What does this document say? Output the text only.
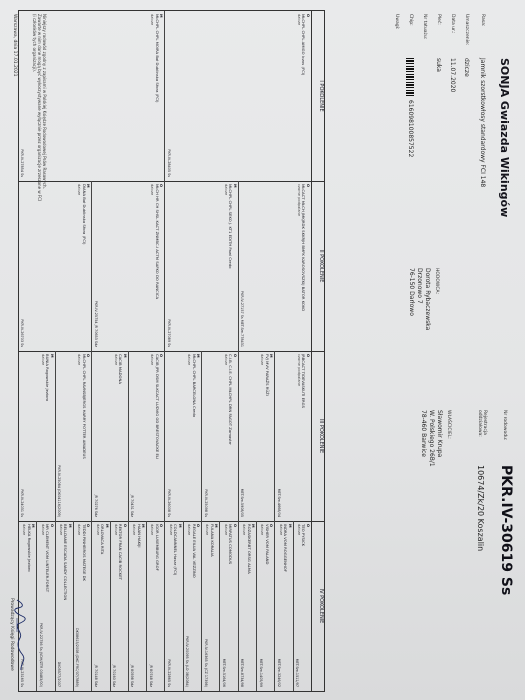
SONJA Gwiazda Wikingów
Nr rodowodu:
PKR.IV-30619 Ss
Rejestracja oddziałowa:
10674/Zk/20 Koszalin
Rasa:
Jamnik szorstkowłosy standardowy FCI 148
Umaszczenie:
dzicze
Data ur.:
11.07.2020
Płeć:
suka
Nr tatuażu:
Chip:
616098100857522
Uwagi:
HODOWCA:
Dorota Rybaczewska
Drzonowo 7
76-150 Darłowo
WŁAŚCICIEL:
Sławomir Krupa
W. Polskiego 26B/1
78-460 Barwice
I POKOLENIE
II POKOLENIE
III POKOLENIE
IV POKOLENIE
O
MŁCHPL CHPL AMIGO Iczos (FCI)
dzicze
PKR.IV-28405 Ss
M
MŁCHPL CHPL MOIRA Bał Dublinska Sfora (FCI)
dzicze
PKR.IV-27854 Ss
O
MŁCACT MŁCH JMKJRDK SKKRJH BMFK KAROSOVSZKIJ BATOR KOKO
czarne podpalane
PKR.IV-27157 Ss MET.Sm.778431
M
MŁCHPL CHPL SEKO J. KT1 EDITH Pawl Credo
dzicze
PKR.IV-27089 Ss
O
MŁCH HR CH SHSL KACT ZNMBC-I ACTM SAFKO DO RANCICA
dzicze
PKR.IV-25754 JR 70653 Sdz
M
DIANA Bał Dublinska Sfora (FCI)
dzicze
PKR.IV-26703 Ss
O
JRBCACT TIDEVASKUTI ERGS
czarne podpalane
MET.Sm.4668/04
M
FVJ MVV PARAŽS RŪŽI
dzicze
MET.Sm.5908/05
O
C.I.B. C.I.E. CHPL MŁCHPL DRN FAGOT Zamastrr
dzicze
PKR.IV-25098 Ss
M
MŁCHPL CHPL BARCELONA Credo
dzicze
PKR.IV-26008 Ss
O
CACIB JPR DSM SLKCACT LUDVIG OD BRESTOVACKE ELI
dzicze
JR 70431 Sdz
M
CACIB MADONA
dzicze
JR 70276 Sdz
O
MŁCHPL CHPL RAVNSBJERGS HARRY POTTER AMADEUS
dzicze
PKR.IV-25084 (DK04116/2009)
M
BUNIA Rogowskie Jezioro
dzicze
PKR.IV-24031 Ss
O
TEO PYSICK
dzicze
MET.Sm.1511/97
M
INDRA VOM ROGGENHOF
dzicze
MET.Sm.3246/02
O
VISHER VOM PALAND
dzicze
MET.Sm.1405/99
M
ROZASKERBT ORSG ALMA
dzicze
MET.Sm.8734/98
O
MIRPATUS COMODUS
dzicze
MET.Sm.5164/06
M
FULANA KORALIA
dzicze
PKR.IV-16365 Ss (CZ 17398)
O
REGALE EILUA VAL VEZZINO
dzicze
PKR.IV-20095 Ss (LO 08/2084)
M
COLDCANNNEL Hasar (FCI)
dzicze
PKR.IV-22865 Ss
O
IGOR LUXEMBURG GROF
dzicze
JR 80748 Sdz
M
HAAN HAKIJI
dzicze
JR 80598 Sdz
O
REKTOR FRAN CACIB ROCKET
dzicze
JR 70160 Sdz
M
ORLOVACA RITA
dzicze
JR 70148 Sdz
O
TEDDI PINHEIROS MATEGE DK
dzicze
DK08615/2008 (DKC.FRC/07/7889)
M
BELLDANE ESCADA SANDY COLLECTION
dzicze
DK05577/2007
O
MR CLEMENT VOM LINTELER-FORST
dzicze
PKR.IV-22756 Ss (VDH/ZTR 03483/00)
M
HELKA Rogowskie Jezioro
dzicze
PKR.IV-23165 Ss
Niniejszy rodowód zgodny z zapisami w Polskiej Księdze Rodowodowej Psów Rasowych. Zawarte w nim dane mogą być wykorzystywane wyłącznie przez organizacje zrzeszone w FCI (i członków tych organizacji).
Warszawa, dnia 17.01.2021
Prowadzący Księgi Rodowodowe
